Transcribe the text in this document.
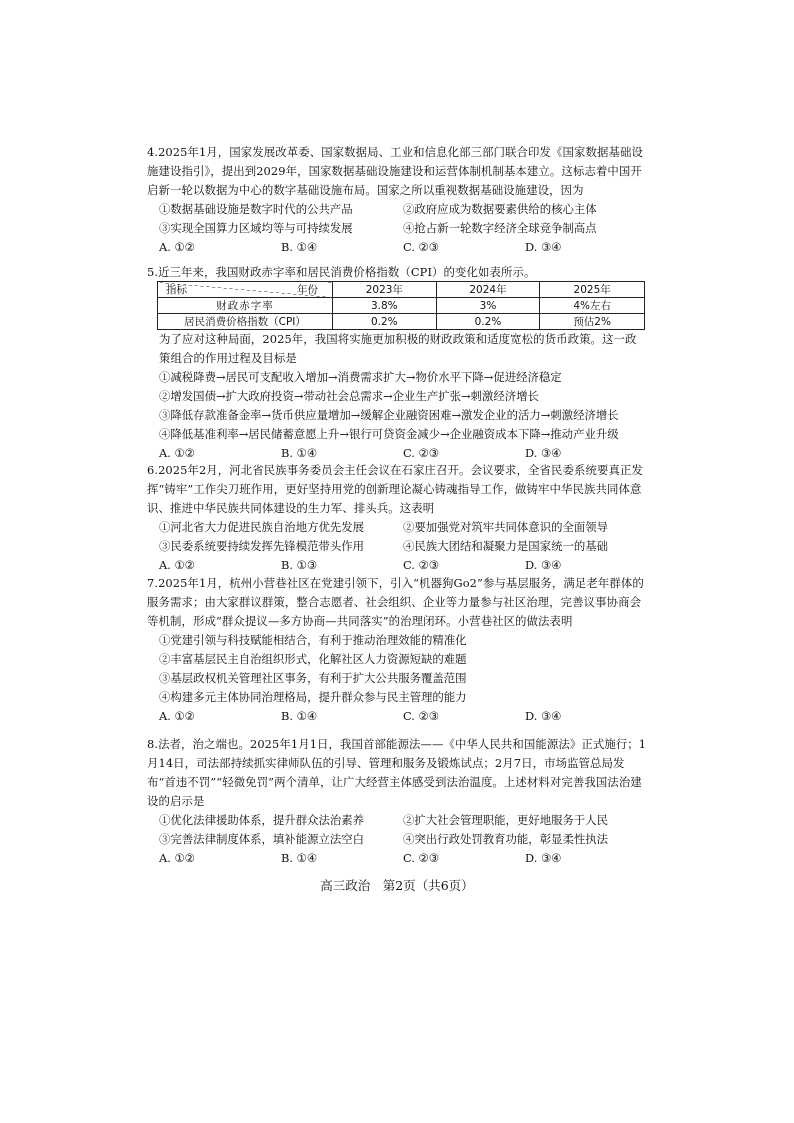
4.2025年1月，国家发展改革委、国家数据局、工业和信息化部三部门联合印发《国家数据基础设施建设指引》，提出到2029年，国家数据基础设施建设和运营体制机制基本建立。这标志着中国开启新一轮以数据为中心的数字基础设施布局。国家之所以重视数据基础设施建设，因为
①数据基础设施是数字时代的公共产品	②政府应成为数据要素供给的核心主体
③实现全国算力区域均等与可持续发展	④抢占新一轮数字经济全球竞争制高点
A. ①②	B. ①④	C. ②③	D. ③④
5.近三年来，我国财政赤字率和居民消费价格指数（CPI）的变化如表所示。
指标 年份	2023年	2024年	2025年
财政赤字率	3.8%	3%	4%左右
居民消费价格指数（CPI）	0.2%	0.2%	预估2%
为了应对这种局面，2025年，我国将实施更加积极的财政政策和适度宽松的货币政策。这一政策组合的作用过程及目标是
①减税降费→居民可支配收入增加→消费需求扩大→物价水平下降→促进经济稳定
②增发国债→扩大政府投资→带动社会总需求→企业生产扩张→刺激经济增长
③降低存款准备金率→货币供应量增加→缓解企业融资困难→激发企业的活力→刺激经济增长
④降低基准利率→居民储蓄意愿上升→银行可贷资金减少→企业融资成本下降→推动产业升级
A. ①②	B. ①④	C. ②③	D. ③④
6.2025年2月，河北省民族事务委员会主任会议在石家庄召开。会议要求，全省民委系统要真正发挥“铸牢”工作尖刀班作用，更好坚持用党的创新理论凝心铸魂指导工作，做铸牢中华民族共同体意识、推进中华民族共同体建设的生力军、排头兵。这表明
①河北省大力促进民族自治地方优先发展	②要加强党对筑牢共同体意识的全面领导
③民委系统要持续发挥先锋模范带头作用	④民族大团结和凝聚力是国家统一的基础
A. ①②	B. ①③	C. ②③	D. ③④
7.2025年1月，杭州小营巷社区在党建引领下，引入“机器狗Go2”参与基层服务，满足老年群体的服务需求；由大家群议群策，整合志愿者、社会组织、企业等力量参与社区治理，完善议事协商会等机制，形成“群众提议—多方协商—共同落实”的治理闭环。小营巷社区的做法表明
①党建引领与科技赋能相结合，有利于推动治理效能的精准化
②丰富基层民主自治组织形式，化解社区人力资源短缺的难题
③基层政权机关管理社区事务，有利于扩大公共服务覆盖范围
④构建多元主体协同治理格局，提升群众参与民主管理的能力
A. ①②	B. ①④	C. ②③	D. ③④
8.法者，治之端也。2025年1月1日，我国首部能源法——《中华人民共和国能源法》正式施行；1月14日，司法部持续抓实律师队伍的引导、管理和服务及锻炼试点；2月7日，市场监管总局发布“首违不罚”“轻微免罚”两个清单，让广大经营主体感受到法治温度。上述材料对完善我国法治建设的启示是
①优化法律援助体系，提升群众法治素养	②扩大社会管理职能，更好地服务于人民
③完善法律制度体系，填补能源立法空白	④突出行政处罚教育功能，彰显柔性执法
A. ①②	B. ①④	C. ②③	D. ③④
高三政治　第2页（共6页）
